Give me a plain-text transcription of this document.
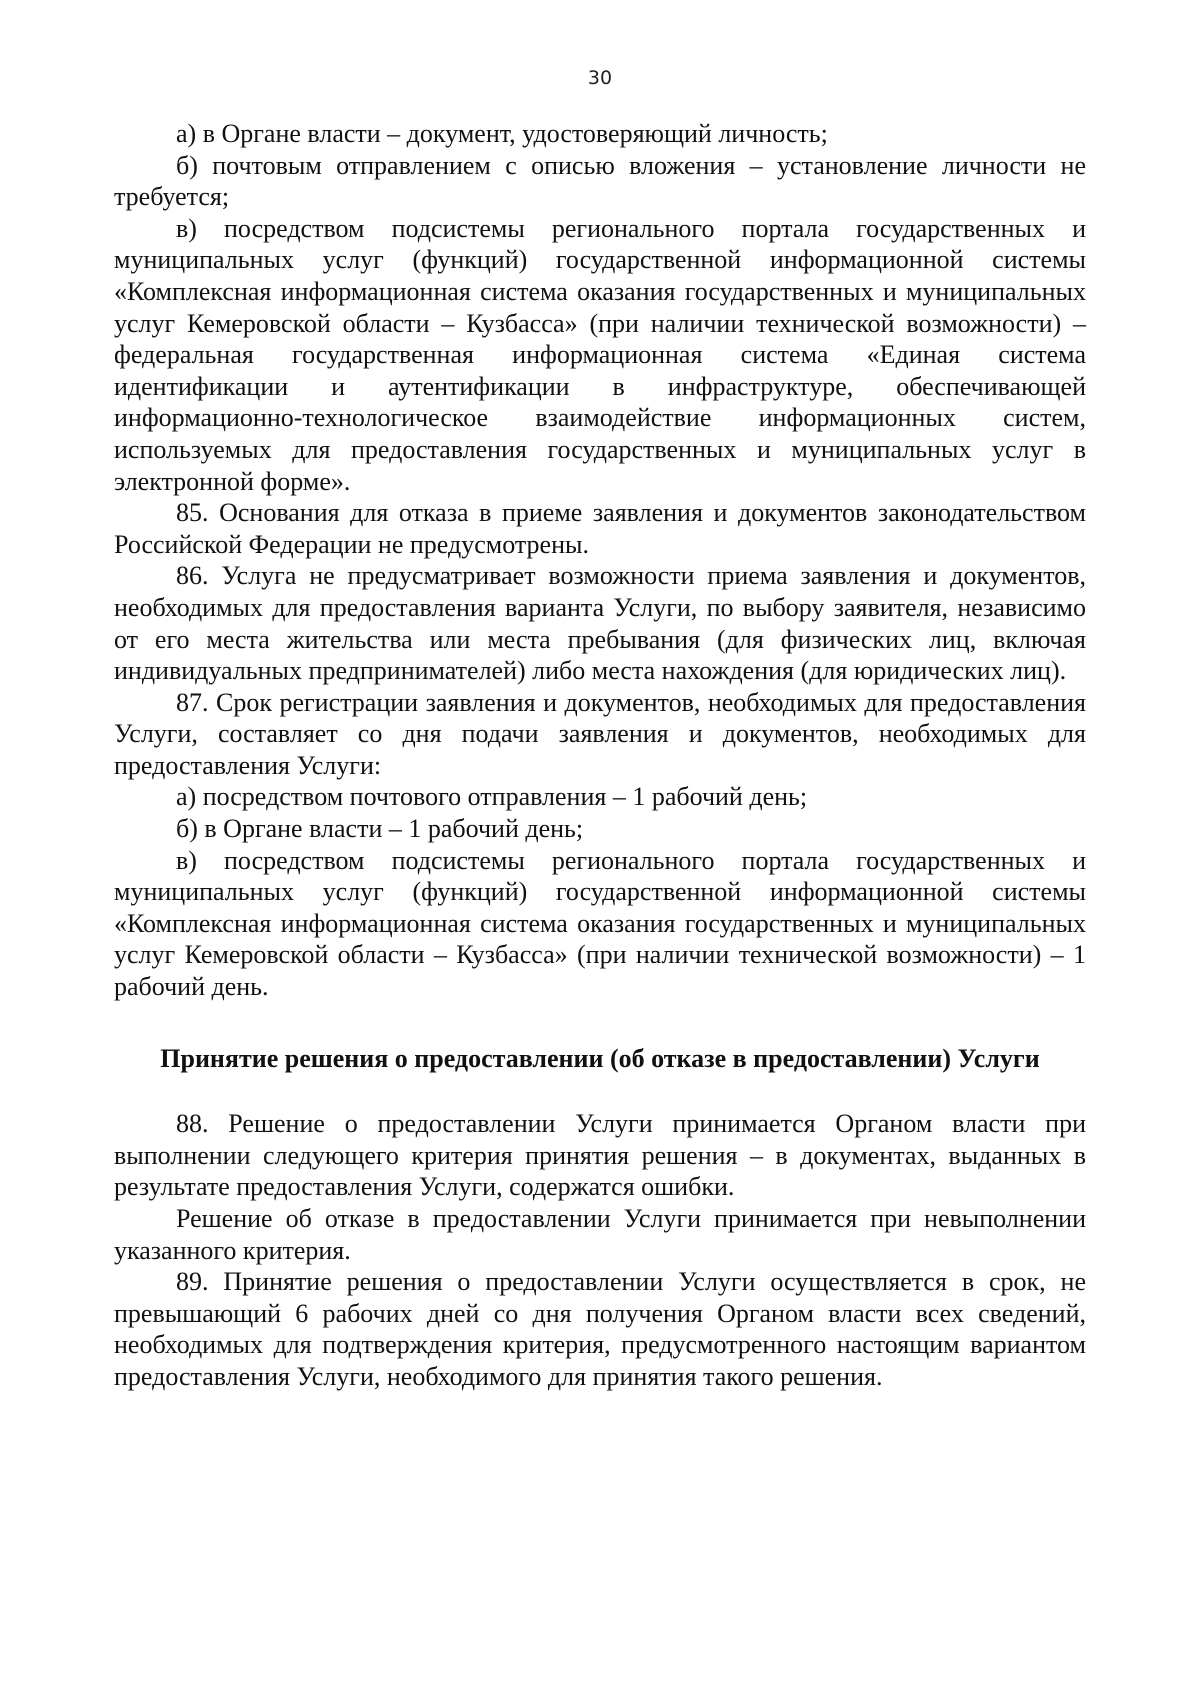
30

а) в Органе власти – документ, удостоверяющий личность;

б) почтовым отправлением с описью вложения – установление личности не требуется;

в) посредством подсистемы регионального портала государственных и муниципальных услуг (функций) государственной информационной системы «Комплексная информационная система оказания государственных и муниципальных услуг Кемеровской области – Кузбасса» (при наличии технической возможности) – федеральная государственная информационная система «Единая система идентификации и аутентификации в инфраструктуре, обеспечивающей информационно-технологическое взаимодействие информационных систем, используемых для предоставления государственных и муниципальных услуг в электронной форме».

85. Основания для отказа в приеме заявления и документов законодательством Российской Федерации не предусмотрены.

86. Услуга не предусматривает возможности приема заявления и документов, необходимых для предоставления варианта Услуги, по выбору заявителя, независимо от его места жительства или места пребывания (для физических лиц, включая индивидуальных предпринимателей) либо места нахождения (для юридических лиц).

87. Срок регистрации заявления и документов, необходимых для предоставления Услуги, составляет со дня подачи заявления и документов, необходимых для предоставления Услуги:

а) посредством почтового отправления – 1 рабочий день;

б) в Органе власти – 1 рабочий день;

в) посредством подсистемы регионального портала государственных и муниципальных услуг (функций) государственной информационной системы «Комплексная информационная система оказания государственных и муниципальных услуг Кемеровской области – Кузбасса» (при наличии технической возможности) – 1 рабочий день.

Принятие решения о предоставлении (об отказе в предоставлении) Услуги

88. Решение о предоставлении Услуги принимается Органом власти при выполнении следующего критерия принятия решения – в документах, выданных в результате предоставления Услуги, содержатся ошибки.

Решение об отказе в предоставлении Услуги принимается при невыполнении указанного критерия.

89. Принятие решения о предоставлении Услуги осуществляется в срок, не превышающий 6 рабочих дней со дня получения Органом власти всех сведений, необходимых для подтверждения критерия, предусмотренного настоящим вариантом предоставления Услуги, необходимого для принятия такого решения.
